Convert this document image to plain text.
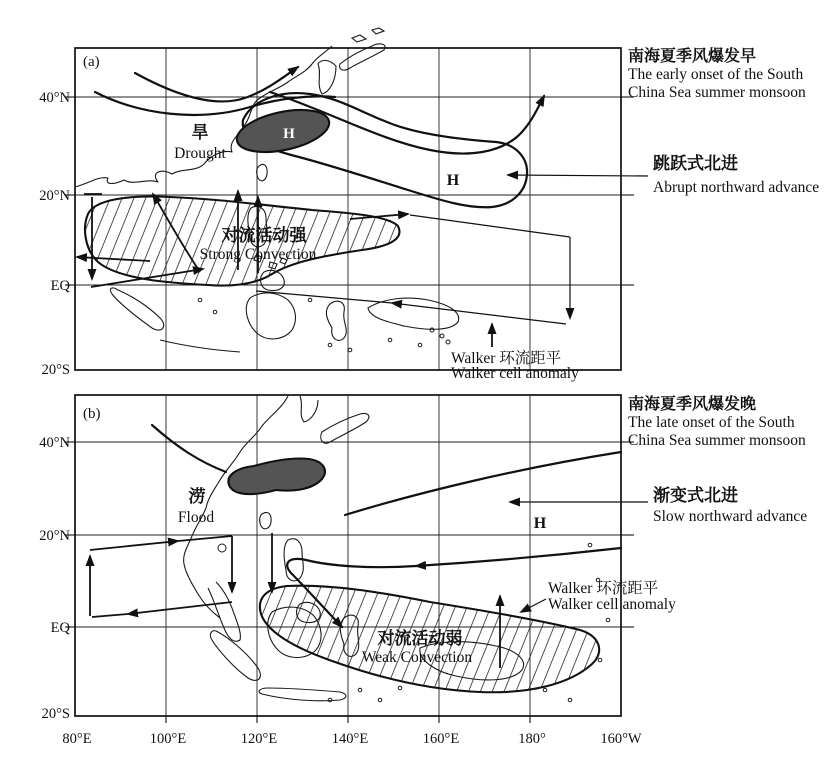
(a)
40°N
20°N
EQ
20°S
旱
Drought
H
H
对流活动强
Strong Convection
Walker 环流距平
Walker cell anomaly
南海夏季风爆发早
The early onset of the South
China Sea summer monsoon
跳跃式北进
Abrupt northward advance
(b)
40°N
20°N
EQ
20°S
涝
Flood	H
对流活动弱
Weak Convection
Walker 环流距平
Walker cell anomaly
南海夏季风爆发晚
The late onset of the South
China Sea summer monsoon
渐变式北进
Slow northward advance
80°E	100°E	120°E	140°E	160°E	180°	160°W
